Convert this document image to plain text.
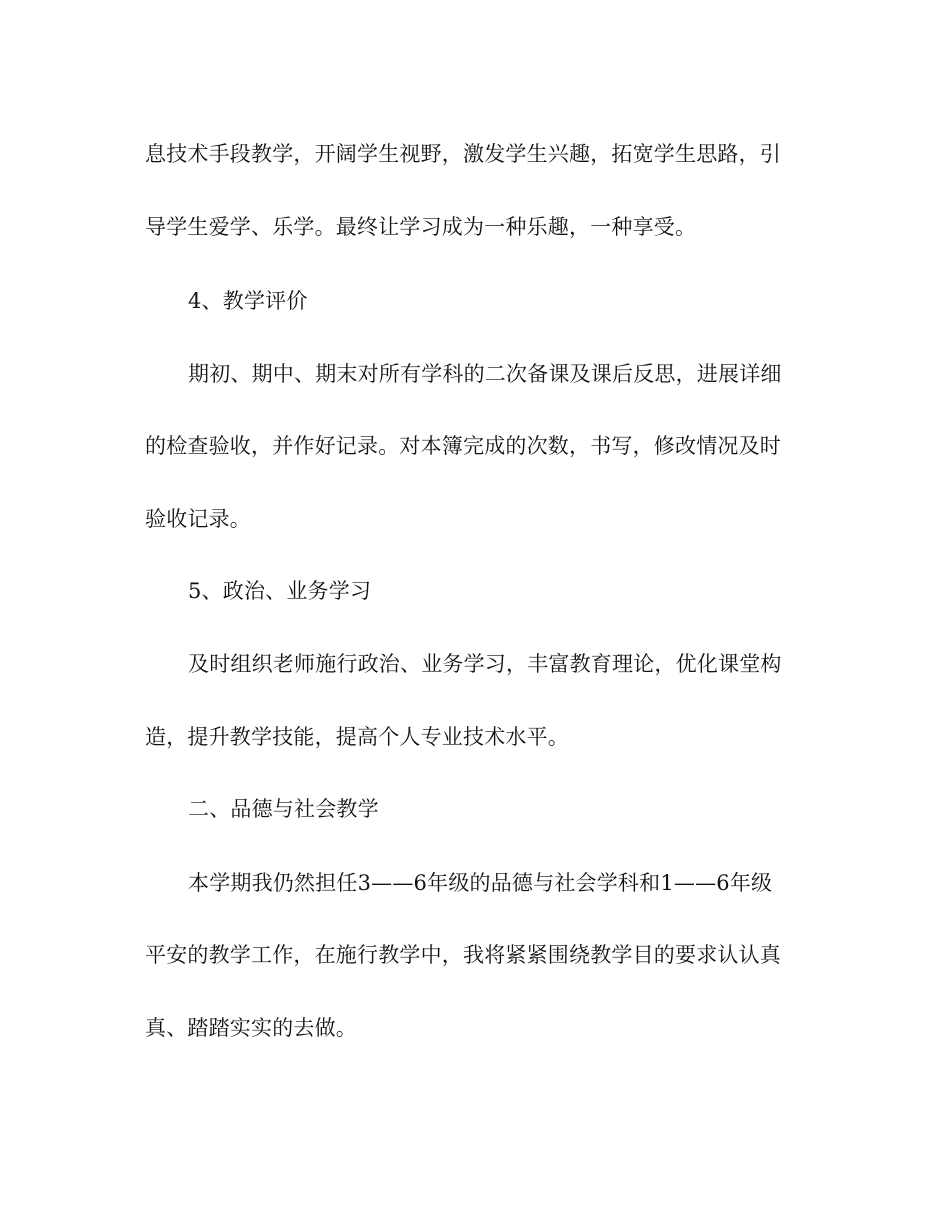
息技术手段教学，开阔学生视野，激发学生兴趣，拓宽学生思路，引
导学生爱学、乐学。最终让学习成为一种乐趣，一种享受。
4、教学评价
期初、期中、期末对所有学科的二次备课及课后反思，进展详细
的检查验收，并作好记录。对本簿完成的次数，书写，修改情况及时
验收记录。
5、政治、业务学习
及时组织老师施行政治、业务学习，丰富教育理论，优化课堂构
造，提升教学技能，提高个人专业技术水平。
二、品德与社会教学
本学期我仍然担任3——6年级的品德与社会学科和1——6年级
平安的教学工作，在施行教学中，我将紧紧围绕教学目的要求认认真
真、踏踏实实的去做。
